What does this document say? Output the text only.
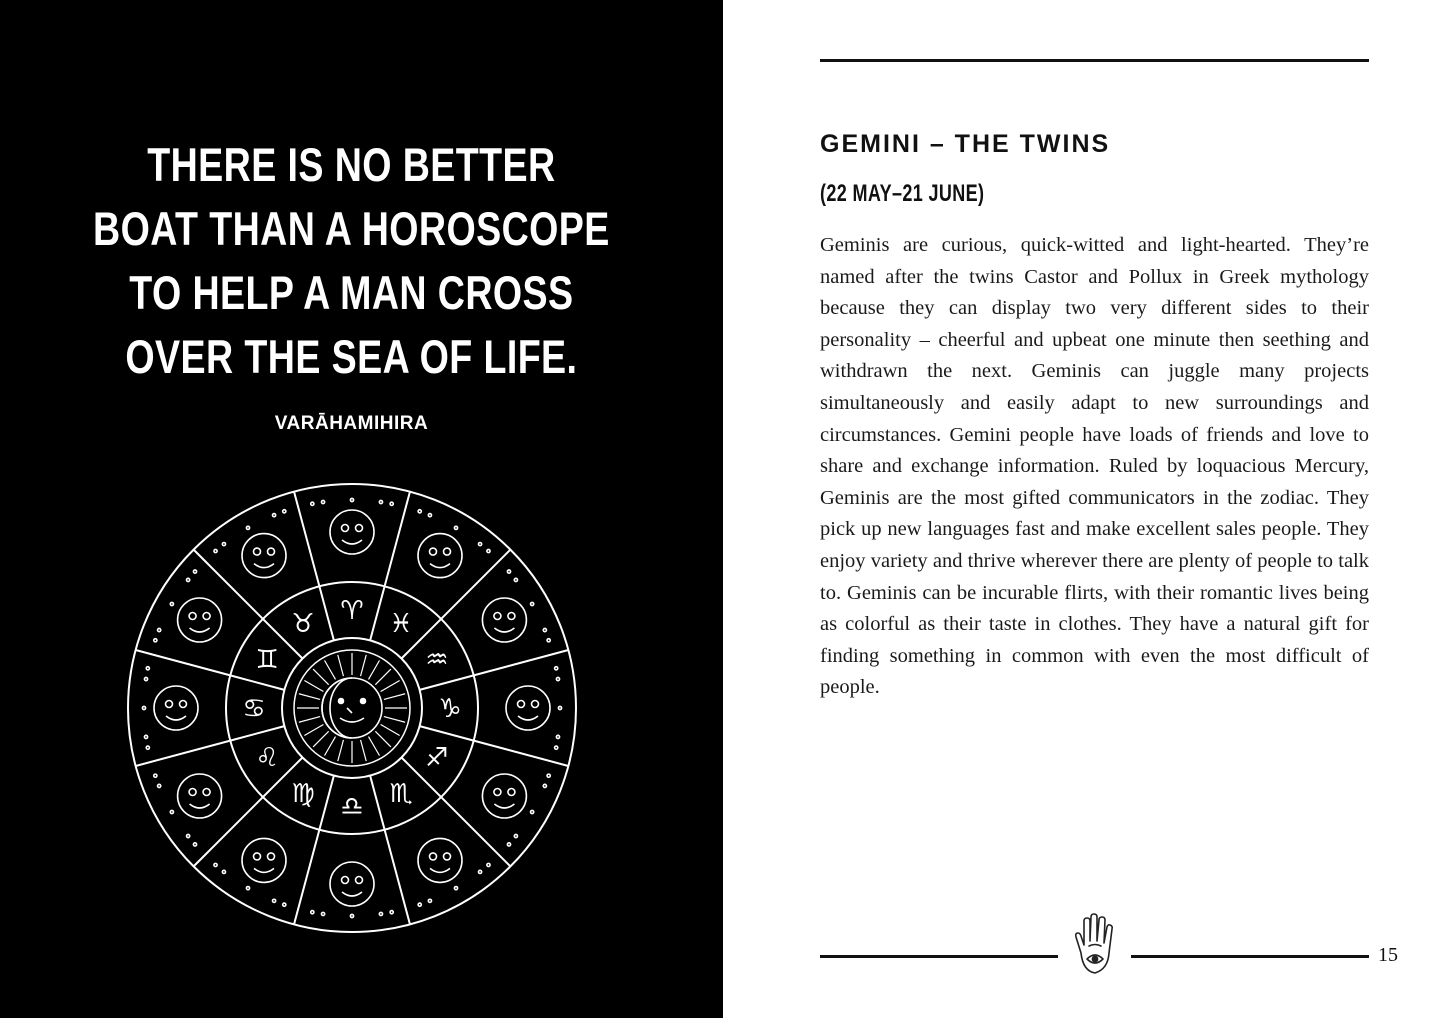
THERE IS NO BETTER
BOAT THAN A HOROSCOPE
TO HELP A MAN CROSS
OVER THE SEA OF LIFE.
VARĀHAMIHIRA
♈ ♓
♒
♑
♐
♏
♎
♍
♌
♋
♊
♉
GEMINI – THE TWINS
(22 MAY–21 JUNE)
Geminis are curious, quick-witted and light-hearted. They’re named after the twins Castor and Pollux in Greek mythology because they can display two very different sides to their personality – cheerful and upbeat one minute then seething and withdrawn the next. Geminis can juggle many projects simultaneously and easily adapt to new surroundings and circumstances. Gemini people have loads of friends and love to share and exchange information. Ruled by loquacious Mercury, Geminis are the most gifted communicators in the zodiac. They pick up new languages fast and make excellent sales people. They enjoy variety and thrive wherever there are plenty of people to talk to. Geminis can be incurable flirts, with their romantic lives being as colorful as their taste in clothes. They have a natural gift for finding something in common with even the most difficult of people.
15
